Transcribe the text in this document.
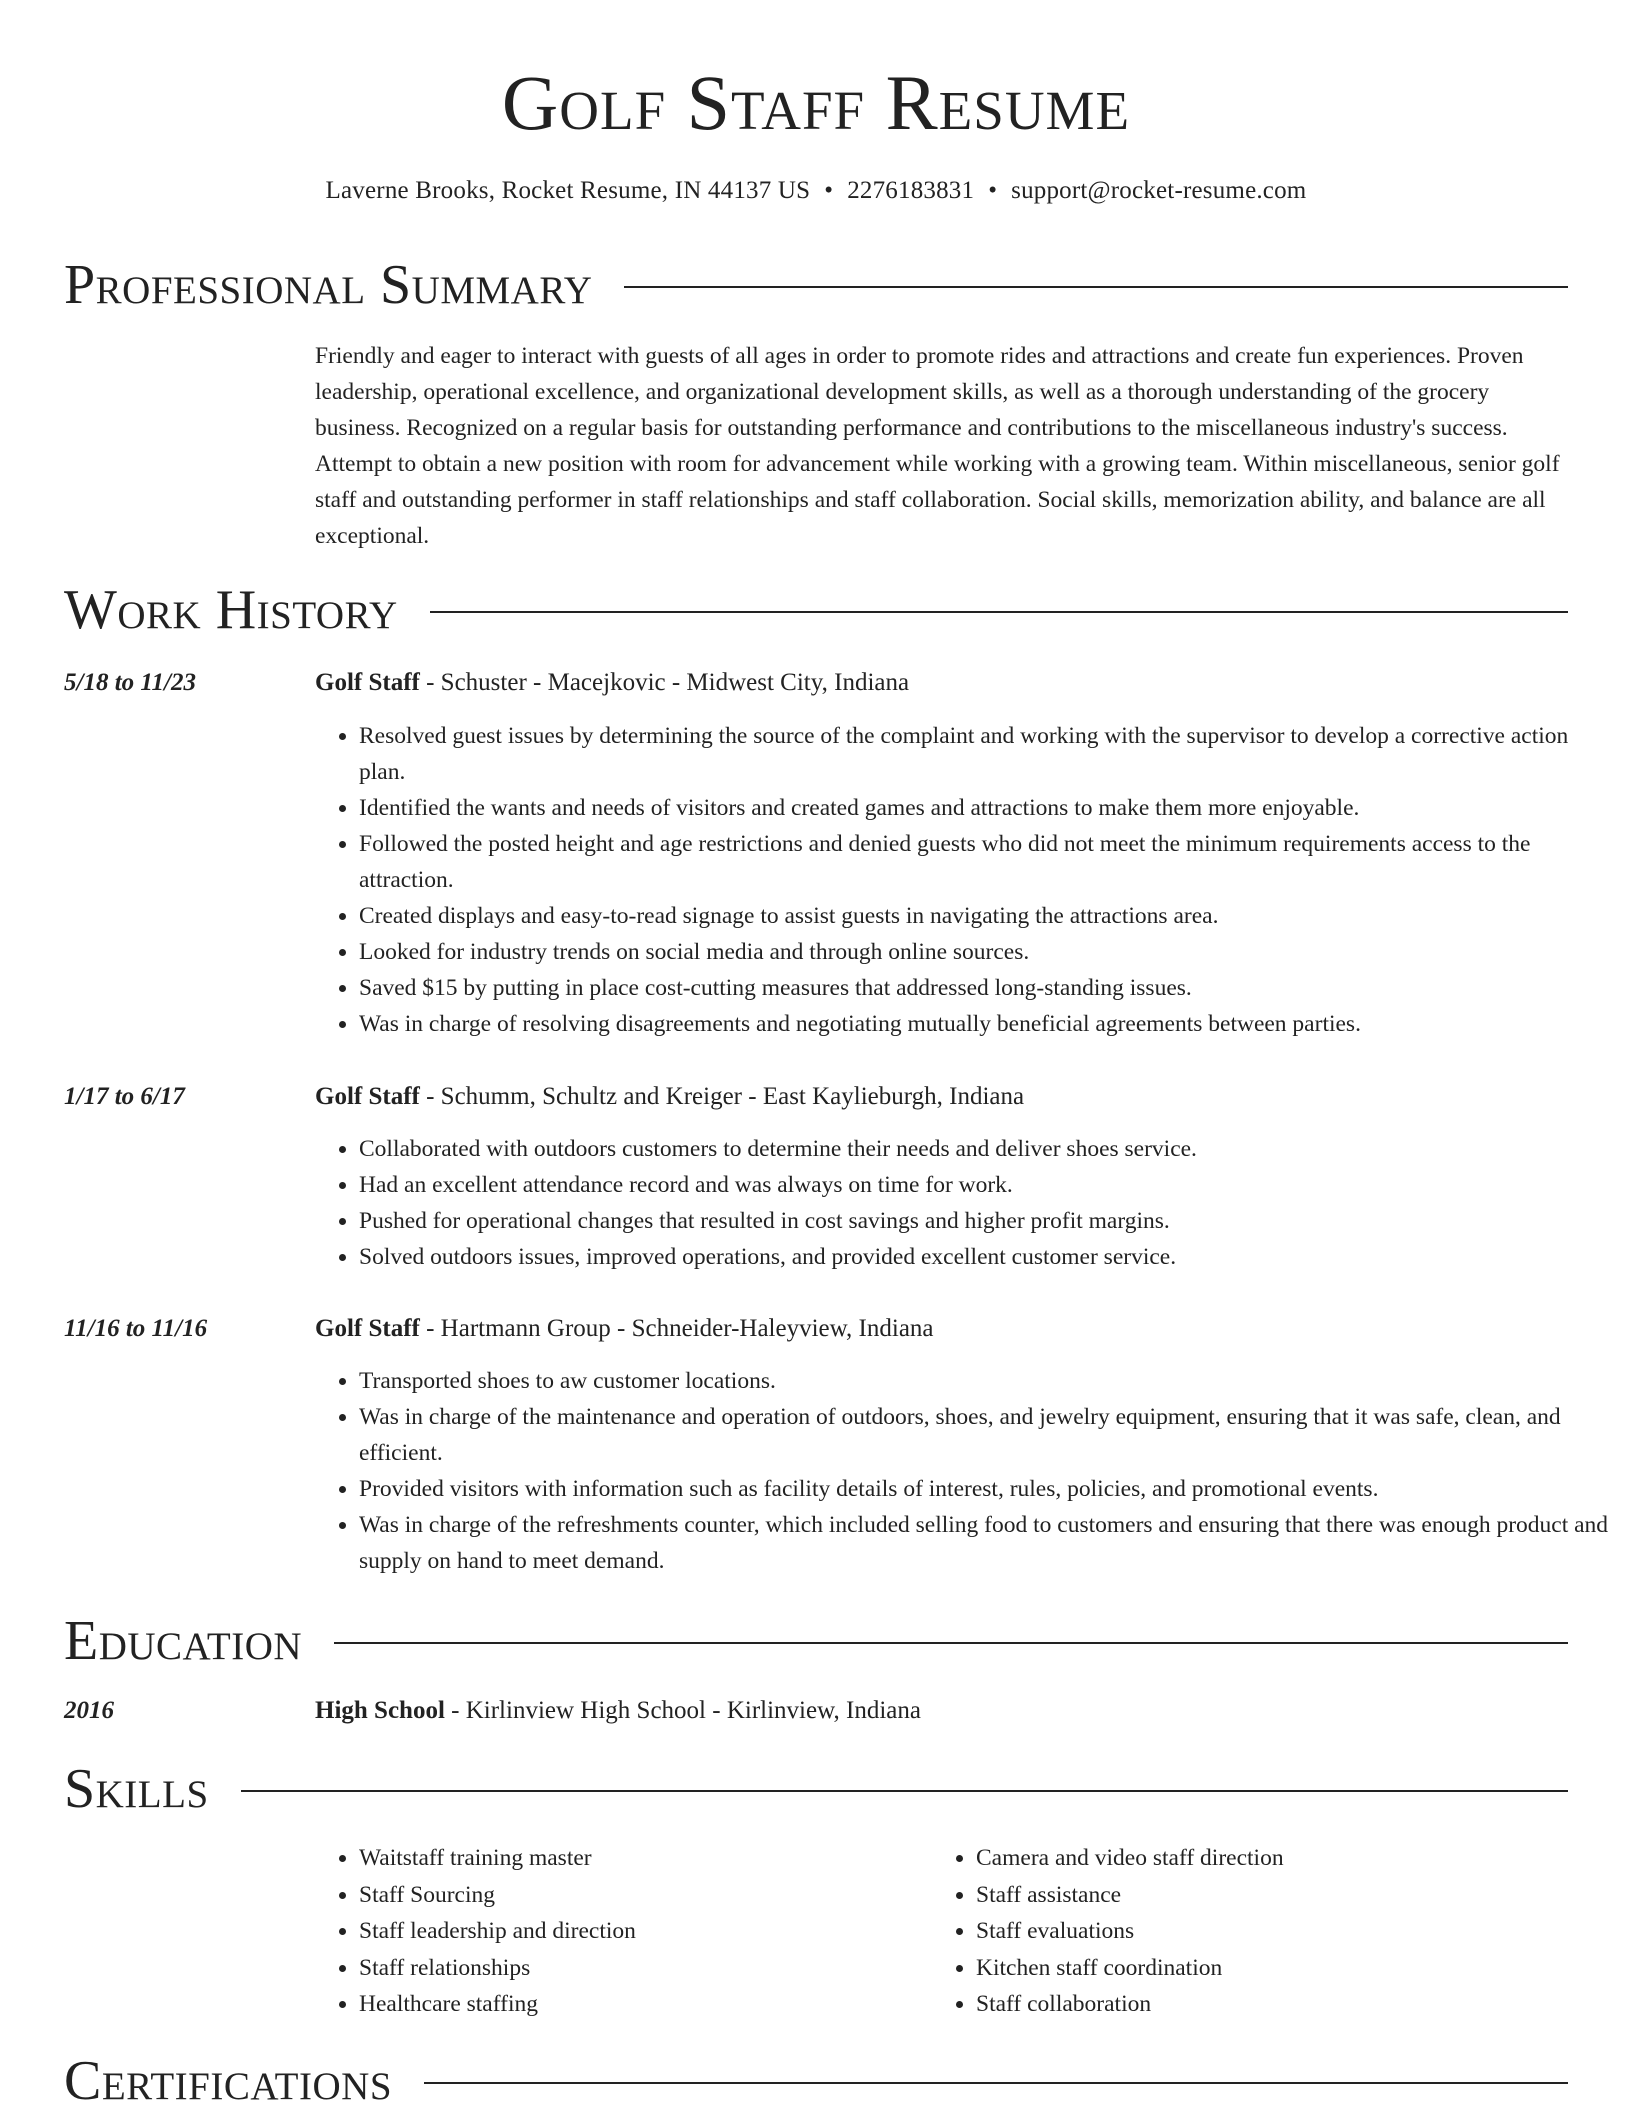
Golf Staff Resume
Laverne Brooks, Rocket Resume, IN 44137 US • 2276183831 • support@rocket-resume.com
Professional Summary

Friendly and eager to interact with guests of all ages in order to promote rides and attractions and create fun experiences. Proven leadership, operational excellence, and organizational development skills, as well as a thorough understanding of the grocery business. Recognized on a regular basis for outstanding performance and contributions to the miscellaneous industry's success. Attempt to obtain a new position with room for advancement while working with a growing team. Within miscellaneous, senior golf staff and outstanding performer in staff relationships and staff collaboration. Social skills, memorization ability, and balance are all exceptional.

Work History
5/18 to 11/23	Golf Staff - Schuster - Macejkovic - Midwest City, Indiana
• Resolved guest issues by determining the source of the complaint and working with the supervisor to develop a corrective action plan.
• Identified the wants and needs of visitors and created games and attractions to make them more enjoyable.
• Followed the posted height and age restrictions and denied guests who did not meet the minimum requirements access to the attraction.
• Created displays and easy-to-read signage to assist guests in navigating the attractions area.
• Looked for industry trends on social media and through online sources.
• Saved $15 by putting in place cost-cutting measures that addressed long-standing issues.
• Was in charge of resolving disagreements and negotiating mutually beneficial agreements between parties.
1/17 to 6/17	Golf Staff - Schumm, Schultz and Kreiger - East Kaylieburgh, Indiana
• Collaborated with outdoors customers to determine their needs and deliver shoes service.
• Had an excellent attendance record and was always on time for work.
• Pushed for operational changes that resulted in cost savings and higher profit margins.
• Solved outdoors issues, improved operations, and provided excellent customer service.
11/16 to 11/16	Golf Staff - Hartmann Group - Schneider-Haleyview, Indiana
• Transported shoes to aw customer locations.
• Was in charge of the maintenance and operation of outdoors, shoes, and jewelry equipment, ensuring that it was safe, clean, and efficient.
• Provided visitors with information such as facility details of interest, rules, policies, and promotional events.
• Was in charge of the refreshments counter, which included selling food to customers and ensuring that there was enough product and supply on hand to meet demand.
Education
2016	High School - Kirlinview High School - Kirlinview, Indiana
Skills
• Waitstaff training master
• Staff Sourcing
• Staff leadership and direction
• Staff relationships
• Healthcare staffing
• Camera and video staff direction
• Staff assistance
• Staff evaluations
• Kitchen staff coordination
• Staff collaboration
Certifications
